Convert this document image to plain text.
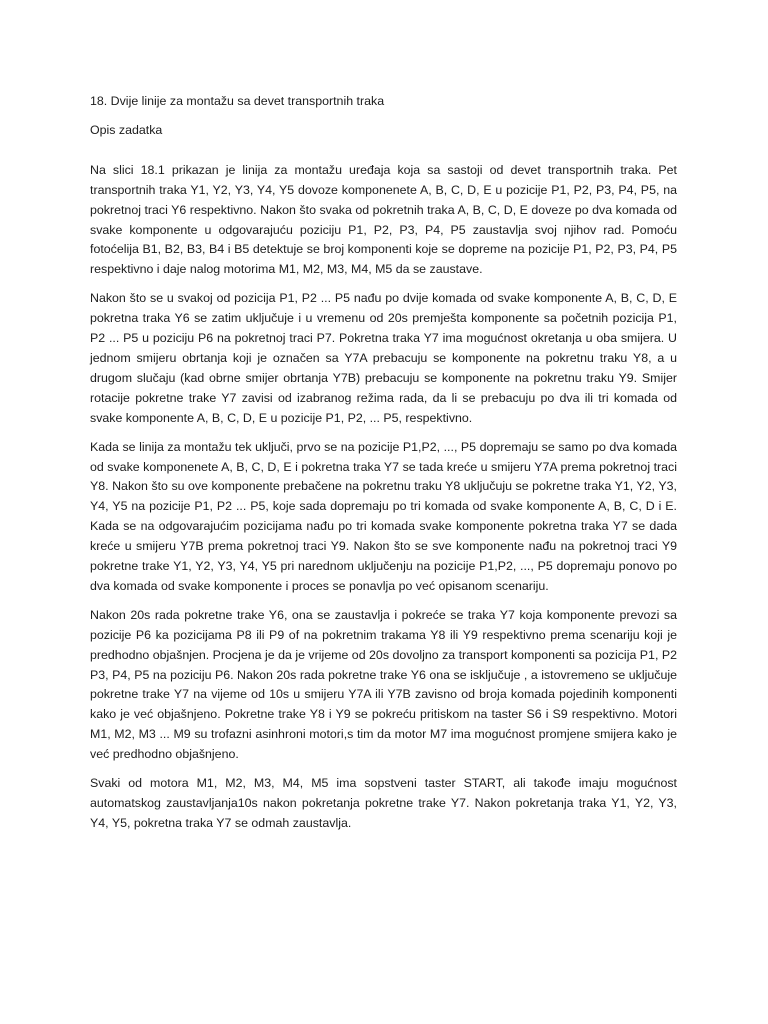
18. Dvije linije za montažu sa devet transportnih traka

Opis zadatka

Na slici 18.1 prikazan je linija za montažu uređaja koja sa sastoji od devet transportnih traka. Pet transportnih traka Y1, Y2, Y3, Y4, Y5 dovoze komponenete A, B, C, D, E u pozicije P1, P2, P3, P4, P5, na pokretnoj traci Y6 respektivno. Nakon što svaka od pokretnih traka A, B, C, D, E doveze po dva komada od svake komponente u odgovarajuću poziciju P1, P2, P3, P4, P5 zaustavlja svoj njihov rad. Pomoću fotoćelija B1, B2, B3, B4 i B5 detektuje se broj komponenti koje se dopreme na pozicije P1, P2, P3, P4, P5 respektivno i daje nalog motorima M1, M2, M3, M4, M5 da se zaustave.

Nakon što se u svakoj od pozicija P1, P2 ... P5 nađu po dvije komada od svake komponente A, B, C, D, E pokretna traka Y6 se zatim uključuje i u vremenu od 20s premješta komponente sa početnih pozicija P1, P2 ... P5 u poziciju P6 na pokretnoj traci P7. Pokretna traka Y7 ima mogućnost okretanja u oba smijera. U jednom smijeru obrtanja koji je označen sa Y7A prebacuju se komponente na pokretnu traku Y8, a u drugom slučaju (kad obrne smijer obrtanja Y7B) prebacuju se komponente na pokretnu traku Y9. Smijer rotacije pokretne trake Y7 zavisi od izabranog režima rada, da li se prebacuju po dva ili tri komada od svake komponente A, B, C, D, E u pozicije P1, P2, ... P5, respektivno.

Kada se linija za montažu tek uključi, prvo se na pozicije P1,P2, ..., P5 dopremaju se samo po dva komada od svake komponenete A, B, C, D, E i pokretna traka Y7 se tada kreće u smijeru Y7A prema pokretnoj traci Y8. Nakon što su ove komponente prebačene na pokretnu traku Y8 uključuju se pokretne traka Y1, Y2, Y3, Y4, Y5 na pozicije P1, P2 ... P5, koje sada dopremaju po tri komada od svake komponente A, B, C, D i E. Kada se na odgovarajućim pozicijama nađu po tri komada svake komponente pokretna traka Y7 se dada kreće u smijeru Y7B prema pokretnoj traci Y9. Nakon što se sve komponente nađu na pokretnoj traci Y9 pokretne trake Y1, Y2, Y3, Y4, Y5 pri narednom uključenju na pozicije P1,P2, ..., P5 dopremaju ponovo po dva komada od svake komponente i proces se ponavlja po već opisanom scenariju.

Nakon 20s rada pokretne trake Y6, ona se zaustavlja i pokreće se traka Y7 koja komponente prevozi sa pozicije P6 ka pozicijama P8 ili P9 of na pokretnim trakama Y8 ili Y9 respektivno prema scenariju koji je predhodno objašnjen. Procjena je da je vrijeme od 20s dovoljno za transport komponenti sa pozicija P1, P2 P3, P4, P5 na poziciju P6. Nakon 20s rada pokretne trake Y6 ona se isključuje , a istovremeno se uključuje pokretne trake Y7 na vijeme od 10s u smijeru Y7A ili Y7B zavisno od broja komada pojedinih komponenti kako je već objašnjeno. Pokretne trake Y8 i Y9 se pokreću pritiskom na taster S6 i S9 respektivno. Motori M1, M2, M3 ... M9 su trofazni asinhroni motori,s tim da motor M7 ima mogućnost promjene smijera kako je već predhodno objašnjeno.

Svaki od motora M1, M2, M3, M4, M5 ima sopstveni taster START, ali takođe imaju mogućnost automatskog zaustavljanja10s nakon pokretanja pokretne trake Y7. Nakon pokretanja traka Y1, Y2, Y3, Y4, Y5, pokretna traka Y7 se odmah zaustavlja.
